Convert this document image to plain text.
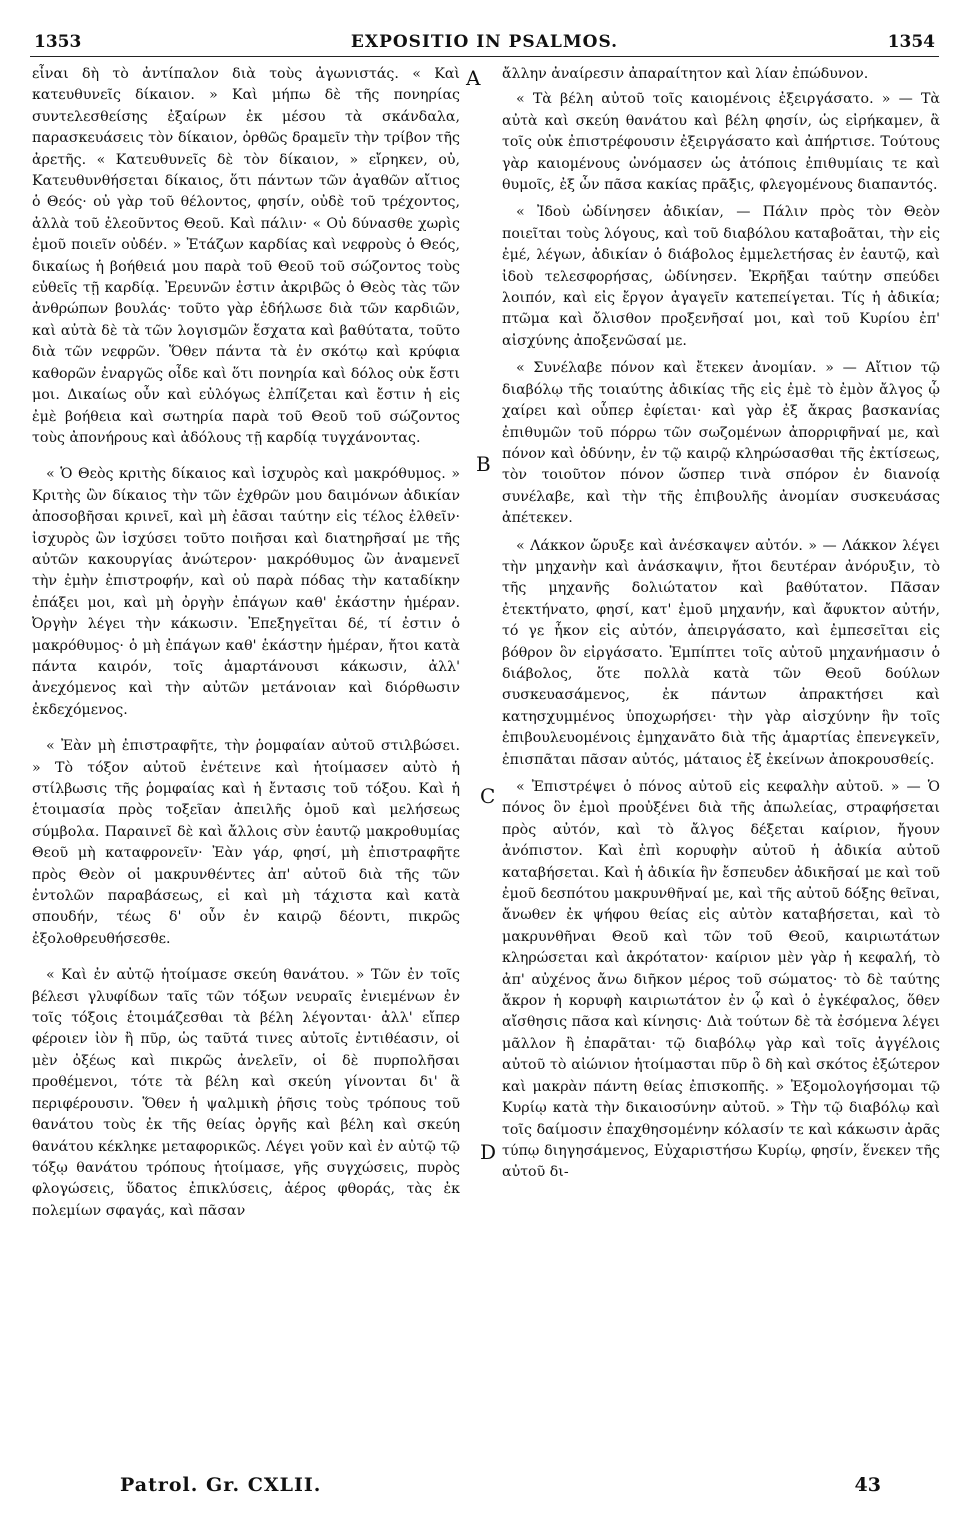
1353	EXPOSITIO IN PSALMOS.	1354

εἶναι δὴ τὸ ἀντίπαλον διὰ τοὺς ἀγωνιστάς. « Καὶ κατευθυνεῖς δίκαιον. » Καὶ μήπω δὲ τῆς πονηρίας συντελεσθείσης ἐξαίρων ἐκ μέσου τὰ σκάνδαλα, παρασκευάσεις τὸν δίκαιον, ὀρθῶς δραμεῖν τὴν τρίβον τῆς ἀρετῆς. « Κατευθυνεῖς δὲ τὸν δίκαιον, » εἴρηκεν, οὐ, Κατευθυνθήσεται δίκαιος, ὅτι πάντων τῶν ἀγαθῶν αἴτιος ὁ Θεός· οὐ γὰρ τοῦ θέλοντος, φησίν, οὐδὲ τοῦ τρέχοντος, ἀλλὰ τοῦ ἐλεοῦντος Θεοῦ. Καὶ πάλιν· « Οὐ δύνασθε χωρὶς ἐμοῦ ποιεῖν οὐδέν. » Ἐτάζων καρδίας καὶ νεφροὺς ὁ Θεός, δικαίως ἡ βοήθειά μου παρὰ τοῦ Θεοῦ τοῦ σώζοντος τοὺς εὐθεῖς τῇ καρδίᾳ. Ἐρευνῶν ἐστιν ἀκριβῶς ὁ Θεὸς τὰς τῶν ἀνθρώπων βουλάς· τοῦτο γὰρ ἐδήλωσε διὰ τῶν καρδιῶν, καὶ αὐτὰ δὲ τὰ τῶν λογισμῶν ἔσχατα καὶ βαθύτατα, τοῦτο διὰ τῶν νεφρῶν. Ὅθεν πάντα τὰ ἐν σκότῳ καὶ κρύφια καθορῶν ἐναργῶς οἶδε καὶ ὅτι πονηρία καὶ δόλος οὐκ ἔστι μοι. Δικαίως οὖν καὶ εὐλόγως ἐλπίζεται καὶ ἔστιν ἡ εἰς ἐμὲ βοήθεια καὶ σωτηρία παρὰ τοῦ Θεοῦ τοῦ σώζοντος τοὺς ἀπονήρους καὶ ἀδόλους τῇ καρδίᾳ τυγχάνοντας.

« Ὁ Θεὸς κριτὴς δίκαιος καὶ ἰσχυρὸς καὶ μακρόθυμος. » Κριτὴς ὢν δίκαιος τὴν τῶν ἐχθρῶν μου δαιμόνων ἀδικίαν ἀποσοβῆσαι κρινεῖ, καὶ μὴ ἐᾶσαι ταύτην εἰς τέλος ἐλθεῖν· ἰσχυρὸς ὢν ἰσχύσει τοῦτο ποιῆσαι καὶ διατηρῆσαί με τῆς αὐτῶν κακουργίας ἀνώτερον· μακρόθυμος ὢν ἀναμενεῖ τὴν ἐμὴν ἐπιστροφήν, καὶ οὐ παρὰ πόδας τὴν καταδίκην ἐπάξει μοι, καὶ μὴ ὀργὴν ἐπάγων καθ' ἑκάστην ἡμέραν. Ὀργὴν λέγει τὴν κάκωσιν. Ἐπεξηγεῖται δέ, τί ἐστιν ὁ μακρόθυμος· ὁ μὴ ἐπάγων καθ' ἑκάστην ἡμέραν, ἤτοι κατὰ πάντα καιρόν, τοῖς ἁμαρτάνουσι κάκωσιν, ἀλλ' ἀνεχόμενος καὶ τὴν αὐτῶν μετάνοιαν καὶ διόρθωσιν ἐκδεχόμενος.

« Ἐὰν μὴ ἐπιστραφῆτε, τὴν ῥομφαίαν αὐτοῦ στιλβώσει. » Τὸ τόξον αὐτοῦ ἐνέτεινε καὶ ἡτοίμασεν αὐτὸ ἡ στίλβωσις τῆς ῥομφαίας καὶ ἡ ἔντασις τοῦ τόξου. Καὶ ἡ ἑτοιμασία πρὸς τοξεῖαν ἀπειλῆς ὁμοῦ καὶ μελήσεως σύμβολα. Παραινεῖ δὲ καὶ ἄλλοις σὺν ἑαυτῷ μακροθυμίας Θεοῦ μὴ καταφρονεῖν· Ἐὰν γάρ, φησί, μὴ ἐπιστραφῆτε πρὸς Θεὸν οἱ μακρυνθέντες ἀπ' αὐτοῦ διὰ τῆς τῶν ἐντολῶν παραβάσεως, εἰ καὶ μὴ τάχιστα καὶ κατὰ σπουδήν, τέως δ' οὖν ἐν καιρῷ δέοντι, πικρῶς ἐξολοθρευθήσεσθε.

« Καὶ ἐν αὐτῷ ἡτοίμασε σκεύη θανάτου. » Τῶν ἐν τοῖς βέλεσι γλυφίδων ταῖς τῶν τόξων νευραῖς ἐνιεμένων ἐν τοῖς τόξοις ἑτοιμάζεσθαι τὰ βέλη λέγονται· ἀλλ' εἴπερ φέροιεν ἰὸν ἢ πῦρ, ὡς ταῦτά τινες αὐτοῖς ἐντιθέασιν, οἱ μὲν ὀξέως καὶ πικρῶς ἀνελεῖν, οἱ δὲ πυρπολῆσαι προθέμενοι, τότε τὰ βέλη καὶ σκεύη γίνονται δι' ἃ περιφέρουσιν. Ὅθεν ἡ ψαλμικὴ ῥῆσις τοὺς τρόπους τοῦ θανάτου τοὺς ἐκ τῆς θείας ὀργῆς καὶ βέλη καὶ σκεύη θανάτου κέκληκε μεταφορικῶς. Λέγει γοῦν καὶ ἐν αὐτῷ τῷ τόξῳ θανάτου τρόπους ἡτοίμασε, γῆς συγχώσεις, πυρὸς φλογώσεις, ὕδατος ἐπικλύσεις, ἀέρος φθοράς, τὰς ἐκ πολεμίων σφαγάς, καὶ πᾶσαν

A
B
C
D

ἄλλην ἀναίρεσιν ἀπαραίτητον καὶ λίαν ἐπώδυνον.

« Τὰ βέλη αὐτοῦ τοῖς καιομένοις ἐξειργάσατο. » — Τὰ αὐτὰ καὶ σκεύη θανάτου καὶ βέλη φησίν, ὡς εἰρήκαμεν, ἃ τοῖς οὐκ ἐπιστρέφουσιν ἐξειργάσατο καὶ ἀπήρτισε. Τούτους γὰρ καιομένους ὠνόμασεν ὡς ἀτόποις ἐπιθυμίαις τε καὶ θυμοῖς, ἐξ ὧν πᾶσα κακίας πρᾶξις, φλεγομένους διαπαντός.

« Ἰδοὺ ὠδίνησεν ἀδικίαν, — Πάλιν πρὸς τὸν Θεὸν ποιεῖται τοὺς λόγους, καὶ τοῦ διαβόλου καταβοᾶται, τὴν εἰς ἐμέ, λέγων, ἀδικίαν ὁ διάβολος ἐμμελετήσας ἐν ἑαυτῷ, καὶ ἰδοὺ τελεσφορήσας, ὠδίνησεν. Ἐκρῆξαι ταύτην σπεύδει λοιπόν, καὶ εἰς ἔργον ἀγαγεῖν κατεπείγεται. Τίς ἡ ἀδικία; πτῶμα καὶ ὄλισθον προξενῆσαί μοι, καὶ τοῦ Κυρίου ἐπ' αἰσχύνης ἀποξενῶσαί με.

« Συνέλαβε πόνον καὶ ἔτεκεν ἀνομίαν. » — Αἴτιον τῷ διαβόλῳ τῆς τοιαύτης ἀδικίας τῆς εἰς ἐμὲ τὸ ἐμὸν ἄλγος ᾧ χαίρει καὶ οὗπερ ἐφίεται· καὶ γὰρ ἐξ ἄκρας βασκανίας ἐπιθυμῶν τοῦ πόρρω τῶν σωζομένων ἀπορριφῆναί με, καὶ πόνον καὶ ὀδύνην, ἐν τῷ καιρῷ κληρώσασθαι τῆς ἐκτίσεως, τὸν τοιοῦτον πόνον ὥσπερ τινὰ σπόρον ἐν διανοίᾳ συνέλαβε, καὶ τὴν τῆς ἐπιβουλῆς ἀνομίαν συσκευάσας ἀπέτεκεν.

« Λάκκον ὤρυξε καὶ ἀνέσκαψεν αὐτόν. » — Λάκκον λέγει τὴν μηχανὴν καὶ ἀνάσκαψιν, ἤτοι δευτέραν ἀνόρυξιν, τὸ τῆς μηχανῆς δολιώτατον καὶ βαθύτατον. Πᾶσαν ἐτεκτήνατο, φησί, κατ' ἐμοῦ μηχανήν, καὶ ἄφυκτον αὐτήν, τό γε ἧκον εἰς αὐτόν, ἀπειργάσατο, καὶ ἐμπεσεῖται εἰς βόθρον ὃν εἰργάσατο. Ἐμπίπτει τοῖς αὐτοῦ μηχανήμασιν ὁ διάβολος, ὅτε πολλὰ κατὰ τῶν Θεοῦ δούλων συσκευασάμενος, ἐκ πάντων ἀπρακτήσει καὶ κατησχυμμένος ὑποχωρήσει· τὴν γὰρ αἰσχύνην ἣν τοῖς ἐπιβουλευομένοις ἐμηχανᾶτο διὰ τῆς ἁμαρτίας ἐπενεγκεῖν, ἐπισπᾶται πᾶσαν αὐτός, μάταιος ἐξ ἐκείνων ἀποκρουσθείς.

« Ἐπιστρέψει ὁ πόνος αὐτοῦ εἰς κεφαλὴν αὐτοῦ. » — Ὁ πόνος ὃν ἐμοὶ προὐξένει διὰ τῆς ἀπωλείας, στραφήσεται πρὸς αὐτόν, καὶ τὸ ἄλγος δέξεται καίριον, ἤγουν ἀνόπιστον. Καὶ ἐπὶ κορυφὴν αὐτοῦ ἡ ἀδικία αὐτοῦ καταβήσεται. Καὶ ἡ ἀδικία ἣν ἔσπευδεν ἀδικῆσαί με καὶ τοῦ ἐμοῦ δεσπότου μακρυνθῆναί με, καὶ τῆς αὐτοῦ δόξης θεῖναι, ἄνωθεν ἐκ ψήφου θείας εἰς αὐτὸν καταβήσεται, καὶ τὸ μακρυνθῆναι Θεοῦ καὶ τῶν τοῦ Θεοῦ, καιριωτάτων κληρώσεται καὶ ἀκρότατον· καίριον μὲν γὰρ ἡ κεφαλή, τὸ ἀπ' αὐχένος ἄνω διῆκον μέρος τοῦ σώματος· τὸ δὲ ταύτης ἄκρον ἡ κορυφὴ καιριωτάτον ἐν ᾧ καὶ ὁ ἐγκέφαλος, ὅθεν αἴσθησις πᾶσα καὶ κίνησις· Διὰ τούτων δὲ τὰ ἐσόμενα λέγει μᾶλλον ἢ ἐπαρᾶται· τῷ διαβόλῳ γὰρ καὶ τοῖς ἀγγέλοις αὐτοῦ τὸ αἰώνιον ἡτοίμασται πῦρ ὃ δὴ καὶ σκότος ἐξώτερον καὶ μακρὰν πάντη θείας ἐπισκοπῆς. » Ἐξομολογήσομαι τῷ Κυρίῳ κατὰ τὴν δικαιοσύνην αὐτοῦ. » Τὴν τῷ διαβόλῳ καὶ τοῖς δαίμοσιν ἐπαχθησομένην κόλασίν τε καὶ κάκωσιν ἀρᾶς τύπῳ διηγησάμενος, Εὐχαριστήσω Κυρίῳ, φησίν, ἕνεκεν τῆς αὐτοῦ δι-

Patrol. Gr. CXLII.	43
